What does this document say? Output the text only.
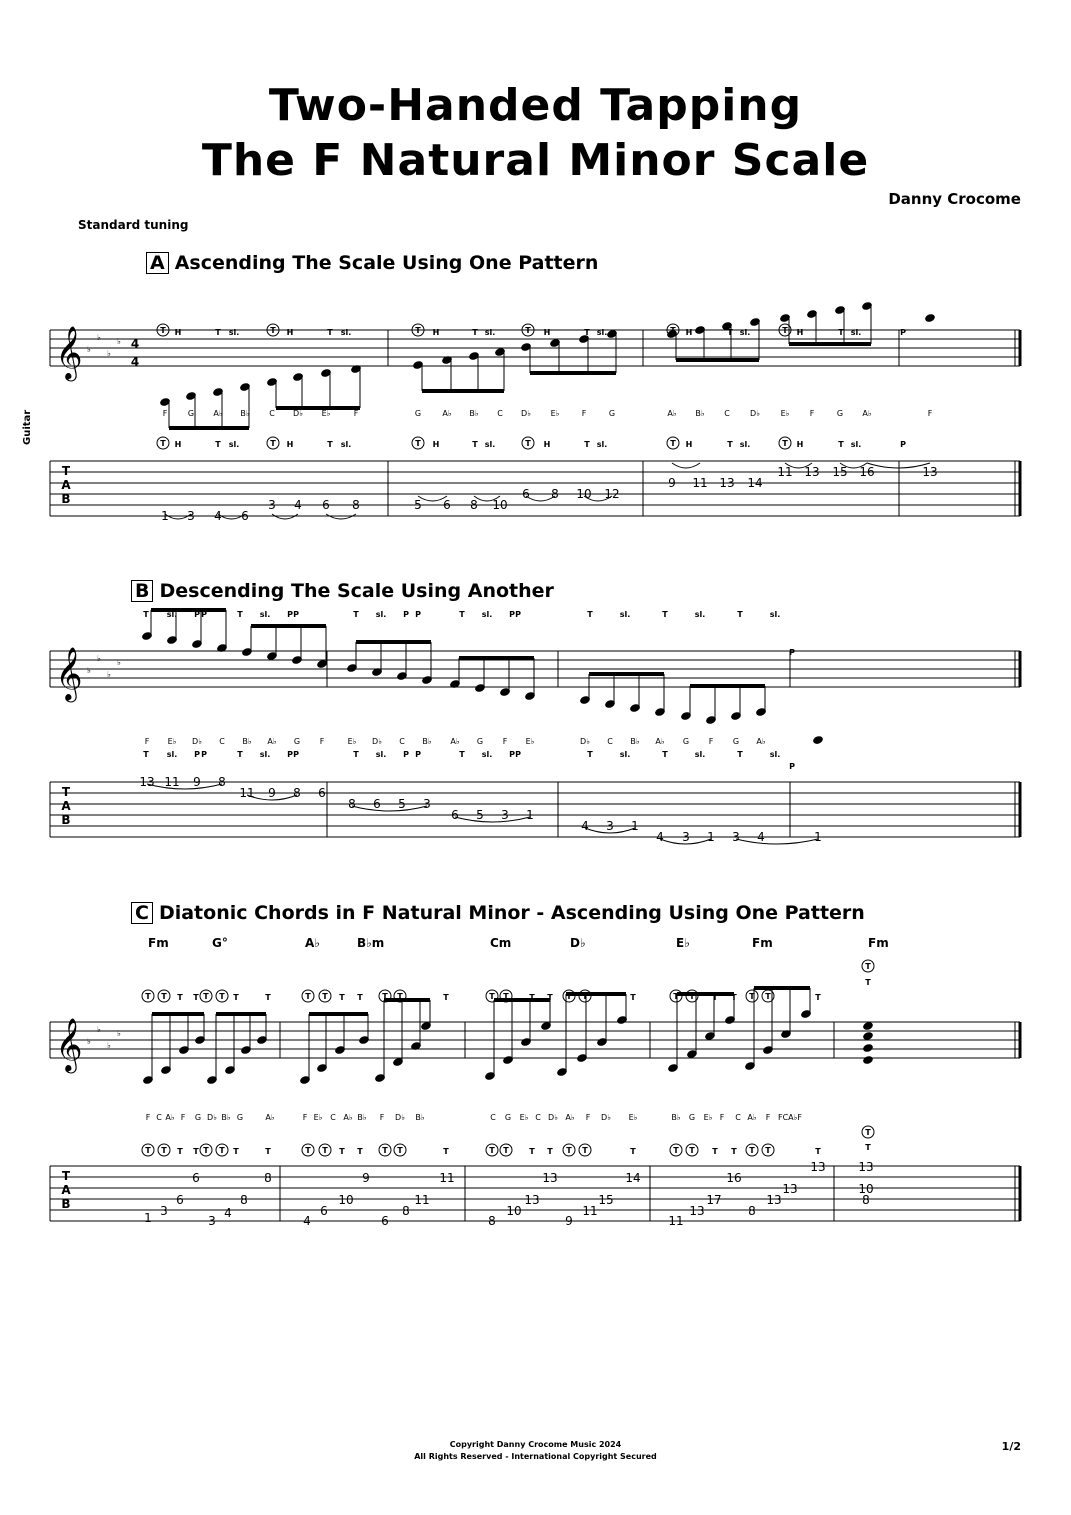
Two-Handed Tapping
The F Natural Minor Scale
Danny Crocome
Standard tuning
A Ascending The Scale Using One Pattern
B Descending The Scale Using Another
C Diatonic Chords in F Natural Minor - Ascending Using One Pattern
Guitar
𝄞 ♭
♭
♭
♭ 4
4
T
A
B
F	G A♭ B♭ C D♭ E♭	F	G	A♭ B♭ C D♭ E♭	F	G	A♭ B♭ C	D♭	E♭	F	G A♭	F
1 3 4 6
3 4 6 8	5 6 8 10
6 8 10 12
9 11 13 14
11 13 15 16	13
H
H
T
T
sl.
sl.
H
H
T
T
sl.
sl.
H
H
T
T
sl.
sl.
H
H
T
T
sl.
sl.
H
H
T
T
sl.
sl.
H
H
T
T
sl.
sl.
P
P
T
T
T
T
T
T
T
T
T
T
T
T
𝄞 ♭
♭
♭
♭
T
A
B
F E♭ D♭ C B♭ A♭ G F	E♭ D♭ C B♭ A♭ G F E♭	D♭ C B♭ A♭ G F G A♭	F
13 11 9 8
11 9 8 6
8 6 5 3
6 5 3 1
4 3 1
4 3 1 3 4	1
T
T
sl.
sl.
P
P
P
P
T
T
sl.
sl.
P
P
P
P
T
T
sl.
sl.
P
P
P
P
T
T
sl.
sl.
P
P
P
P
T
T
sl.
sl.
T
T
sl.
sl.
T
T
sl.
sl.
P
P
𝄞 ♭
♭
♭
♭
T
A
B
Fm	G°	A♭	B♭m	Cm	D♭	E♭	Fm	Fm
F C A♭ F G D♭ B♭ G	A♭	F E♭ C A♭ B♭ F D♭ B♭	C G E♭ C D♭ A♭ F D♭ E♭	B♭ G E♭ F C A♭ F FCA♭F
1 3
6
6
3
4
8
8
4
6
10
9
6
8
11
11
8
10
13
13
9
11
15
14
11
13
17
16
8
13
13
13	13
10
8
T
T
T
T
T
T
T
T
T
T
T
T
T
T
T
T
T
T
T
T
T
T
T
T
T
T
T
T
T
T
T
T
T
T
T
T
T
T
T
T
T
T
T
T
T
T
T
T
T
T
T
T
T
T
T
T
T
T
T
T
T
T
Copyright Danny Crocome Music 2024
All Rights Reserved - International Copyright Secured
1/2
